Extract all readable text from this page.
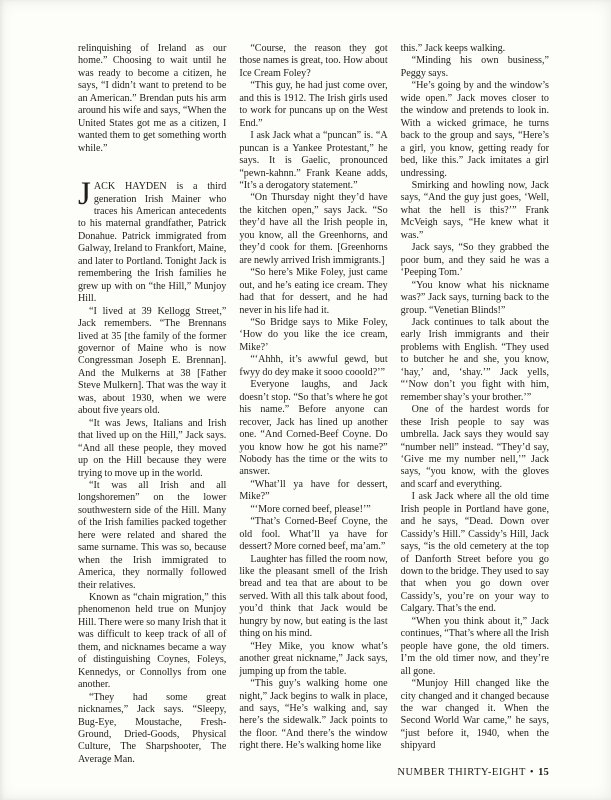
relinquishing of Ireland as our home.” Choosing to wait until he was ready to become a citizen, he says, “I didn’t want to pretend to be an American.” Brendan puts his arm around his wife and says, “When the United States got me as a citizen, I wanted them to get something worth while.”

JACK HAYDEN is a third generation Irish Mainer who traces his American antecedents to his maternal grandfather, Patrick Donahue. Patrick immigrated from Galway, Ireland to Frankfort, Maine, and later to Portland. Tonight Jack is remembering the Irish families he grew up with on “the Hill,” Munjoy Hill.

“I lived at 39 Kellogg Street,” Jack remembers. “The Brennans lived at 35 [the family of the former governor of Maine who is now Congressman Joseph E. Brennan]. And the Mulkerns at 38 [Father Steve Mulkern]. That was the way it was, about 1930, when we were about five years old.

“It was Jews, Italians and Irish that lived up on the Hill,” Jack says. “And all these people, they moved up on the Hill because they were trying to move up in the world.

“It was all Irish and all longshoremen” on the lower southwestern side of the Hill. Many of the Irish families packed together here were related and shared the same surname. This was so, because when the Irish immigrated to America, they normally followed their relatives.

Known as “chain migration,” this phenomenon held true on Munjoy Hill. There were so many Irish that it was difficult to keep track of all of them, and nicknames became a way of distinguishing Coynes, Foleys, Kennedys, or Connollys from one another.

“They had some great nicknames,” Jack says. “Sleepy, Bug-Eye, Moustache, Fresh-Ground, Dried-Goods, Physical Culture, The Sharpshooter, The Average Man.

“Course, the reason they got those names is great, too. How about Ice Cream Foley?

“This guy, he had just come over, and this is 1912. The Irish girls used to work for puncans up on the West End.”

I ask Jack what a “puncan” is. “A puncan is a Yankee Protestant,” he says. It is Gaelic, pronounced “pewn-kahnn.” Frank Keane adds, “It’s a derogatory statement.”

“On Thursday night they’d have the kitchen open,” says Jack. “So they’d have all the Irish people in, you know, all the Greenhorns, and they’d cook for them. [Greenhorns are newly arrived Irish immigrants.]

“So here’s Mike Foley, just came out, and he’s eating ice cream. They had that for dessert, and he had never in his life had it.

“So Bridge says to Mike Foley, ‘How do you like the ice cream, Mike?’

“‘Ahhh, it’s awwful gewd, but fwyy do dey make it sooo cooold?’”

Everyone laughs, and Jack doesn’t stop. “So that’s where he got his name.” Before anyone can recover, Jack has lined up another one. “And Corned-Beef Coyne. Do you know how he got his name?” Nobody has the time or the wits to answer.

“What’ll ya have for dessert, Mike?”

“‘More corned beef, please!’”

“That’s Corned-Beef Coyne, the old fool. What’ll ya have for dessert? More corned beef, ma’am.”

Laughter has filled the room now, like the pleasant smell of the Irish bread and tea that are about to be served. With all this talk about food, you’d think that Jack would be hungry by now, but eating is the last thing on his mind.

“Hey Mike, you know what’s another great nickname,” Jack says, jumping up from the table.

“This guy’s walking home one night,” Jack begins to walk in place, and says, “He’s walking and, say here’s the sidewalk.” Jack points to the floor. “And there’s the window right there. He’s walking home like

this.” Jack keeps walking.

“Minding his own business,” Peggy says.

“He’s going by and the window’s wide open.” Jack moves closer to the window and pretends to look in. With a wicked grimace, he turns back to the group and says, “Here’s a girl, you know, getting ready for bed, like this.” Jack imitates a girl undressing.

Smirking and howling now, Jack says, “And the guy just goes, ‘Well, what the hell is this?’” Frank McVeigh says, “He knew what it was.”

Jack says, “So they grabbed the poor bum, and they said he was a ‘Peeping Tom.’

“You know what his nickname was?” Jack says, turning back to the group. “Venetian Blinds!”

Jack continues to talk about the early Irish immigrants and their problems with English. “They used to butcher he and she, you know, ‘hay,’ and, ‘shay.’” Jack yells, “‘Now don’t you fight with him, remember shay’s your brother.’”

One of the hardest words for these Irish people to say was umbrella. Jack says they would say “number nell” instead. “They’d say, ‘Give me my number nell,’” Jack says, “you know, with the gloves and scarf and everything.

I ask Jack where all the old time Irish people in Portland have gone, and he says, “Dead. Down over Cassidy’s Hill.” Cassidy’s Hill, Jack says, “is the old cemetery at the top of Danforth Street before you go down to the bridge. They used to say that when you go down over Cassidy’s, you’re on your way to Calgary. That’s the end.

“When you think about it,” Jack continues, “That’s where all the Irish people have gone, the old timers. I’m the old timer now, and they’re all gone.

“Munjoy Hill changed like the city changed and it changed because the war changed it. When the Second World War came,” he says, “just before it, 1940, when the shipyard

NUMBER THIRTY-EIGHT • 15
